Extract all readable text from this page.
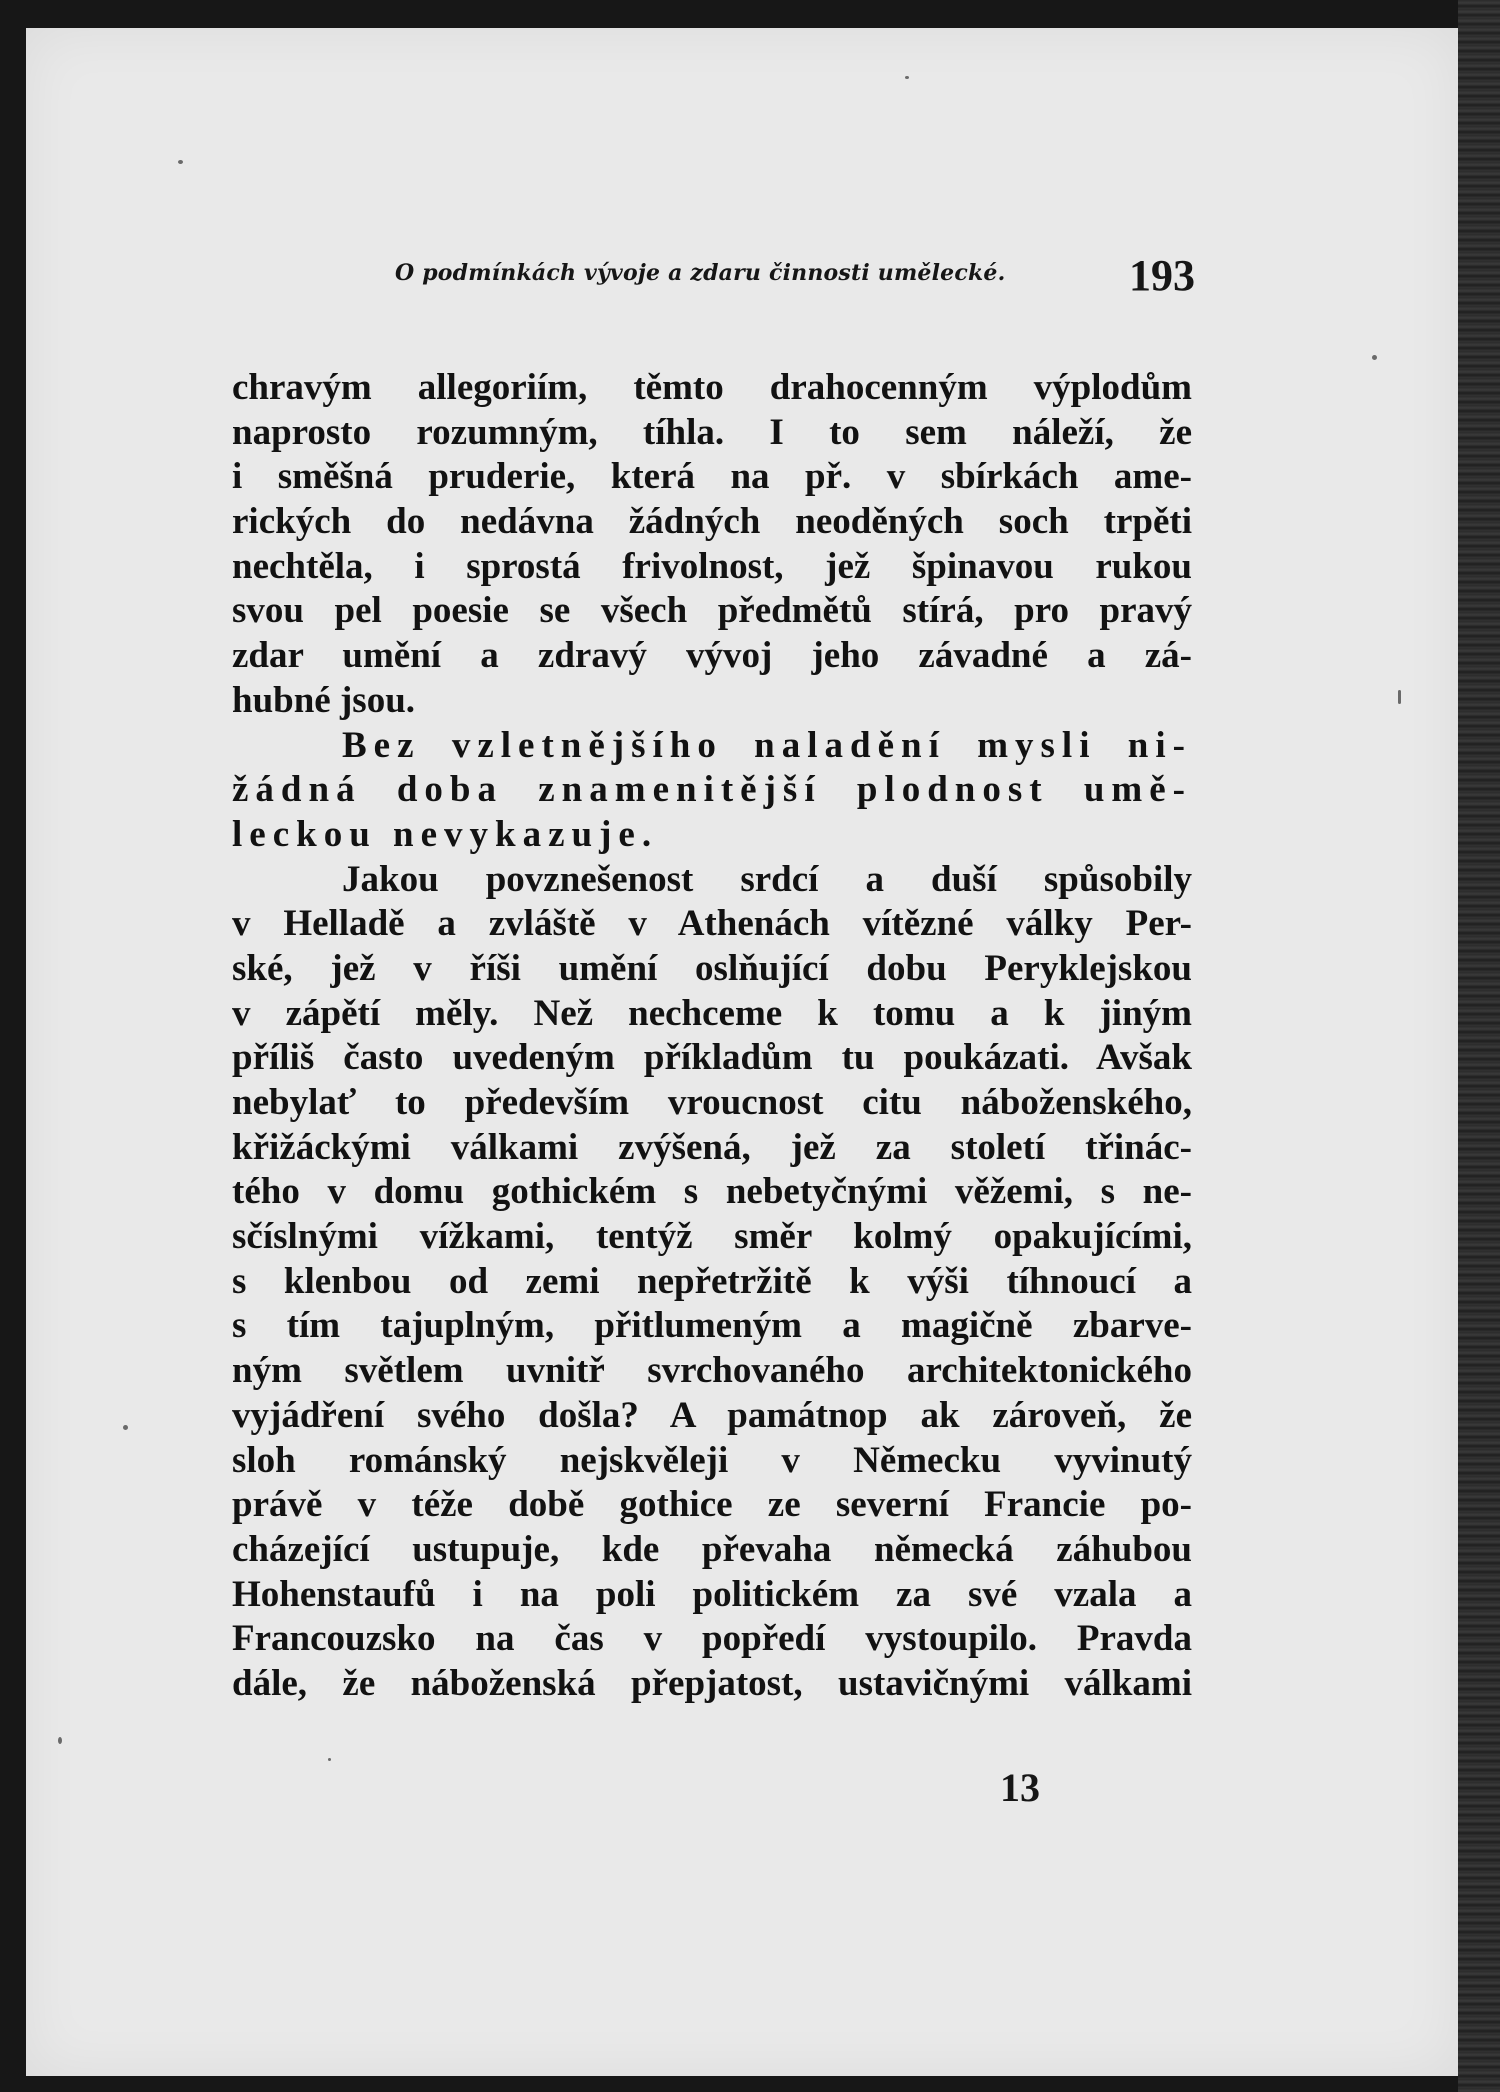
O podmínkách vývoje a zdaru činnosti umělecké.	193
chravým allegoriím, těmto drahocenným výplodům
naprosto rozumným, tíhla. I to sem náleží, že
i směšná pruderie, která na př. v sbírkách ame-
rických do nedávna žádných neoděných soch trpěti
nechtěla, i sprostá frivolnost, jež špinavou rukou
svou pel poesie se všech předmětů stírá, pro pravý
zdar umění a zdravý vývoj jeho závadné a zá-
hubné jsou.
Bez vzletnějšího naladění mysli ni-
žádná doba znamenitější plodnost umě-
leckou nevykazuje.
Jakou povznešenost srdcí a duší spůsobily
v Helladě a zvláště v Athenách vítězné války Per-
ské, jež v říši umění oslňující dobu Peryklejskou
v zápětí měly. Než nechceme k tomu a k jiným
příliš často uvedeným příkladům tu poukázati. Avšak
nebylať to především vroucnost citu náboženského,
křižáckými válkami zvýšená, jež za století třinác-
tého v domu gothickém s nebetyčnými věžemi, s ne-
sčíslnými vížkami, tentýž směr kolmý opakujícími,
s klenbou od zemi nepřetržitě k výši tíhnoucí a
s tím tajuplným, přitlumeným a magičně zbarve-
ným světlem uvnitř svrchovaného architektonického
vyjádření svého došla? A památnop ak zároveň, že
sloh románský nejskvěleji v Německu vyvinutý
právě v téže době gothice ze severní Francie po-
cházející ustupuje, kde převaha německá záhubou
Hohenstaufů i na poli politickém za své vzala a
Francouzsko na čas v popředí vystoupilo. Pravda
dále, že náboženská přepjatost, ustavičnými válkami
13
